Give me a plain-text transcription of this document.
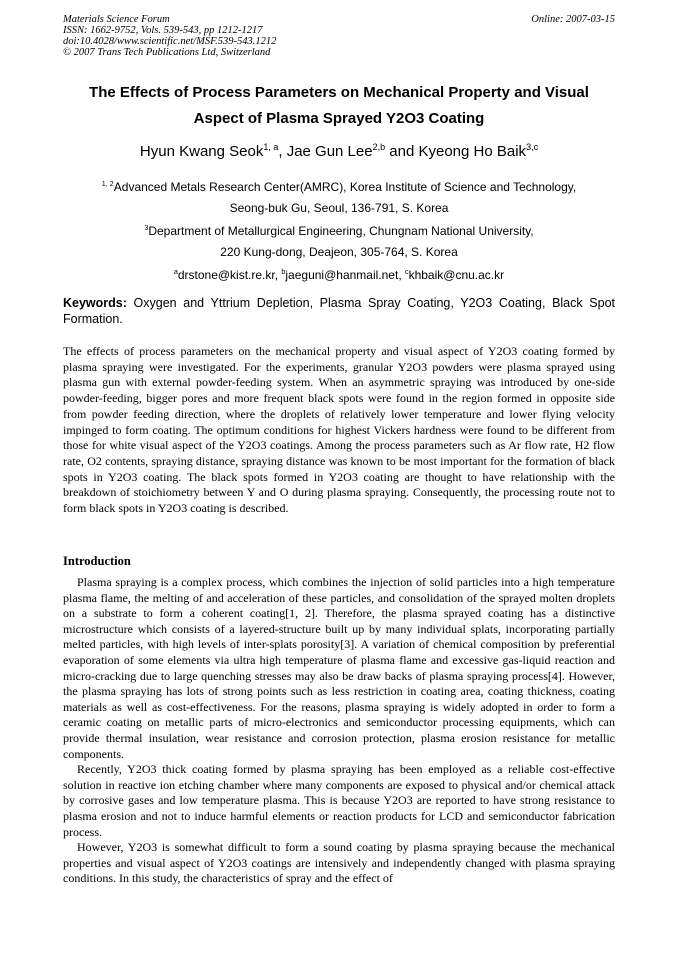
Materials Science Forum
ISSN: 1662-9752, Vols. 539-543, pp 1212-1217
doi:10.4028/www.scientific.net/MSF.539-543.1212
© 2007 Trans Tech Publications Ltd, Switzerland
Online: 2007-03-15
The Effects of Process Parameters on Mechanical Property and Visual
Aspect of Plasma Sprayed Y2O3 Coating
Hyun Kwang Seok$^{1, a}$, Jae Gun Lee$^{2,b}$ and Kyeong Ho Baik$^{3,c}$
$^{1, 2}$Advanced Metals Research Center(AMRC), Korea Institute of Science and Technology,
Seong-buk Gu, Seoul, 136-791, S. Korea
$^3$Department of Metallurgical Engineering, Chungnam National University,
220 Kung-dong, Deajeon, 305-764, S. Korea
$^a$drstone@kist.re.kr, $^b$jaeguni@hanmail.net, $^c$khbaik@cnu.ac.kr
Keywords: Oxygen and Yttrium Depletion, Plasma Spray Coating, Y2O3 Coating, Black Spot Formation.
The effects of process parameters on the mechanical property and visual aspect of Y2O3 coating formed by plasma spraying were investigated. For the experiments, granular Y2O3 powders were plasma sprayed using plasma gun with external powder-feeding system. When an asymmetric spraying was introduced by one-side powder-feeding, bigger pores and more frequent black spots were found in the region formed in opposite side from powder feeding direction, where the droplets of relatively lower temperature and lower flying velocity impinged to form coating. The optimum conditions for highest Vickers hardness were found to be different from those for white visual aspect of the Y2O3 coatings. Among the process parameters such as Ar flow rate, H2 flow rate, O2 contents, spraying distance, spraying distance was known to be most important for the formation of black spots in Y2O3 coating. The black spots formed in Y2O3 coating are thought to have relationship with the breakdown of stoichiometry between Y and O during plasma spraying. Consequently, the processing route not to form black spots in Y2O3 coating is described.
Introduction

Plasma spraying is a complex process, which combines the injection of solid particles into a high temperature plasma flame, the melting of and acceleration of these particles, and consolidation of the sprayed molten droplets on a substrate to form a coherent coating[1, 2]. Therefore, the plasma sprayed coating has a distinctive microstructure which consists of a layered-structure built up by many individual splats, incorporating partially melted particles, with high levels of inter-splats porosity[3]. A variation of chemical composition by preferential evaporation of some elements via ultra high temperature of plasma flame and excessive gas-liquid reaction and micro-cracking due to large quenching stresses may also be draw backs of plasma spraying process[4]. However, the plasma spraying has lots of strong points such as less restriction in coating area, coating thickness, coating materials as well as cost-effectiveness. For the reasons, plasma spraying is widely adopted in order to form a ceramic coating on metallic parts of micro-electronics and semiconductor processing equipments, which can provide thermal insulation, wear resistance and corrosion protection, plasma erosion resistance for metallic components.

Recently, Y2O3 thick coating formed by plasma spraying has been employed as a reliable cost-effective solution in reactive ion etching chamber where many components are exposed to physical and/or chemical attack by corrosive gases and low temperature plasma. This is because Y2O3 are reported to have strong resistance to plasma erosion and not to induce harmful elements or reaction products for LCD and semiconductor fabrication process.

However, Y2O3 is somewhat difficult to form a sound coating by plasma spraying because the mechanical properties and visual aspect of Y2O3 coatings are intensively and independently changed with plasma spraying conditions. In this study, the characteristics of spray and the effect of
